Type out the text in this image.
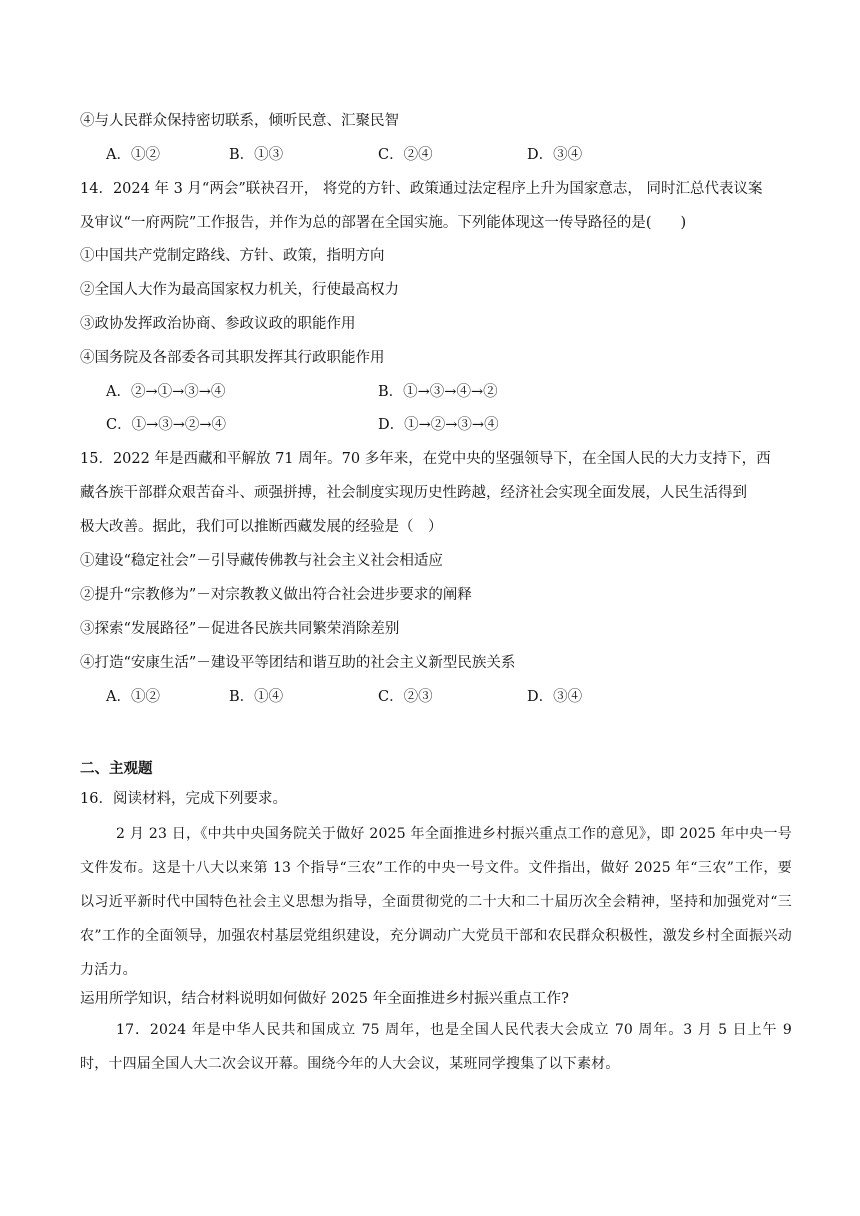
④与人民群众保持密切联系，倾听民意、汇聚民智
A．①②	B．①③	C．②④	D．③④
14．2024 年 3 月“两会”联袂召开， 将党的方针、政策通过法定程序上升为国家意志， 同时汇总代表议案
及审议“一府两院”工作报告，并作为总的部署在全国实施。下列能体现这一传导路径的是(　　)
①中国共产党制定路线、方针、政策，指明方向
②全国人大作为最高国家权力机关，行使最高权力
③政协发挥政治协商、参政议政的职能作用
④国务院及各部委各司其职发挥其行政职能作用
A．②→①→③→④	B．①→③→④→②
C．①→③→②→④	D．①→②→③→④
15．2022 年是西藏和平解放 71 周年。70 多年来，在党中央的坚强领导下，在全国人民的大力支持下，西
藏各族干部群众艰苦奋斗、顽强拼搏，社会制度实现历史性跨越，经济社会实现全面发展，人民生活得到
极大改善。据此，我们可以推断西藏发展的经验是（　）
①建设“稳定社会”－引导藏传佛教与社会主义社会相适应
②提升“宗教修为”－对宗教教义做出符合社会进步要求的阐释
③探索“发展路径”－促进各民族共同繁荣消除差别
④打造“安康生活”－建设平等团结和谐互助的社会主义新型民族关系
A．①②	B．①④	C．②③	D．③④
二、主观题
16．阅读材料，完成下列要求。
2 月 23 日，《中共中央国务院关于做好 2025 年全面推进乡村振兴重点工作的意见》，即 2025 年中央一号文件发布。这是十八大以来第 13 个指导“三农”工作的中央一号文件。文件指出，做好 2025 年“三农”工作，要以习近平新时代中国特色社会主义思想为指导，全面贯彻党的二十大和二十届历次全会精神，坚持和加强党对“三农”工作的全面领导，加强农村基层党组织建设，充分调动广大党员干部和农民群众积极性，激发乡村全面振兴动力活力。
运用所学知识，结合材料说明如何做好 2025 年全面推进乡村振兴重点工作?
17．2024 年是中华人民共和国成立 75 周年，也是全国人民代表大会成立 70 周年。3 月 5 日上午 9 时，十四届全国人大二次会议开幕。围绕今年的人大会议，某班同学搜集了以下素材。
